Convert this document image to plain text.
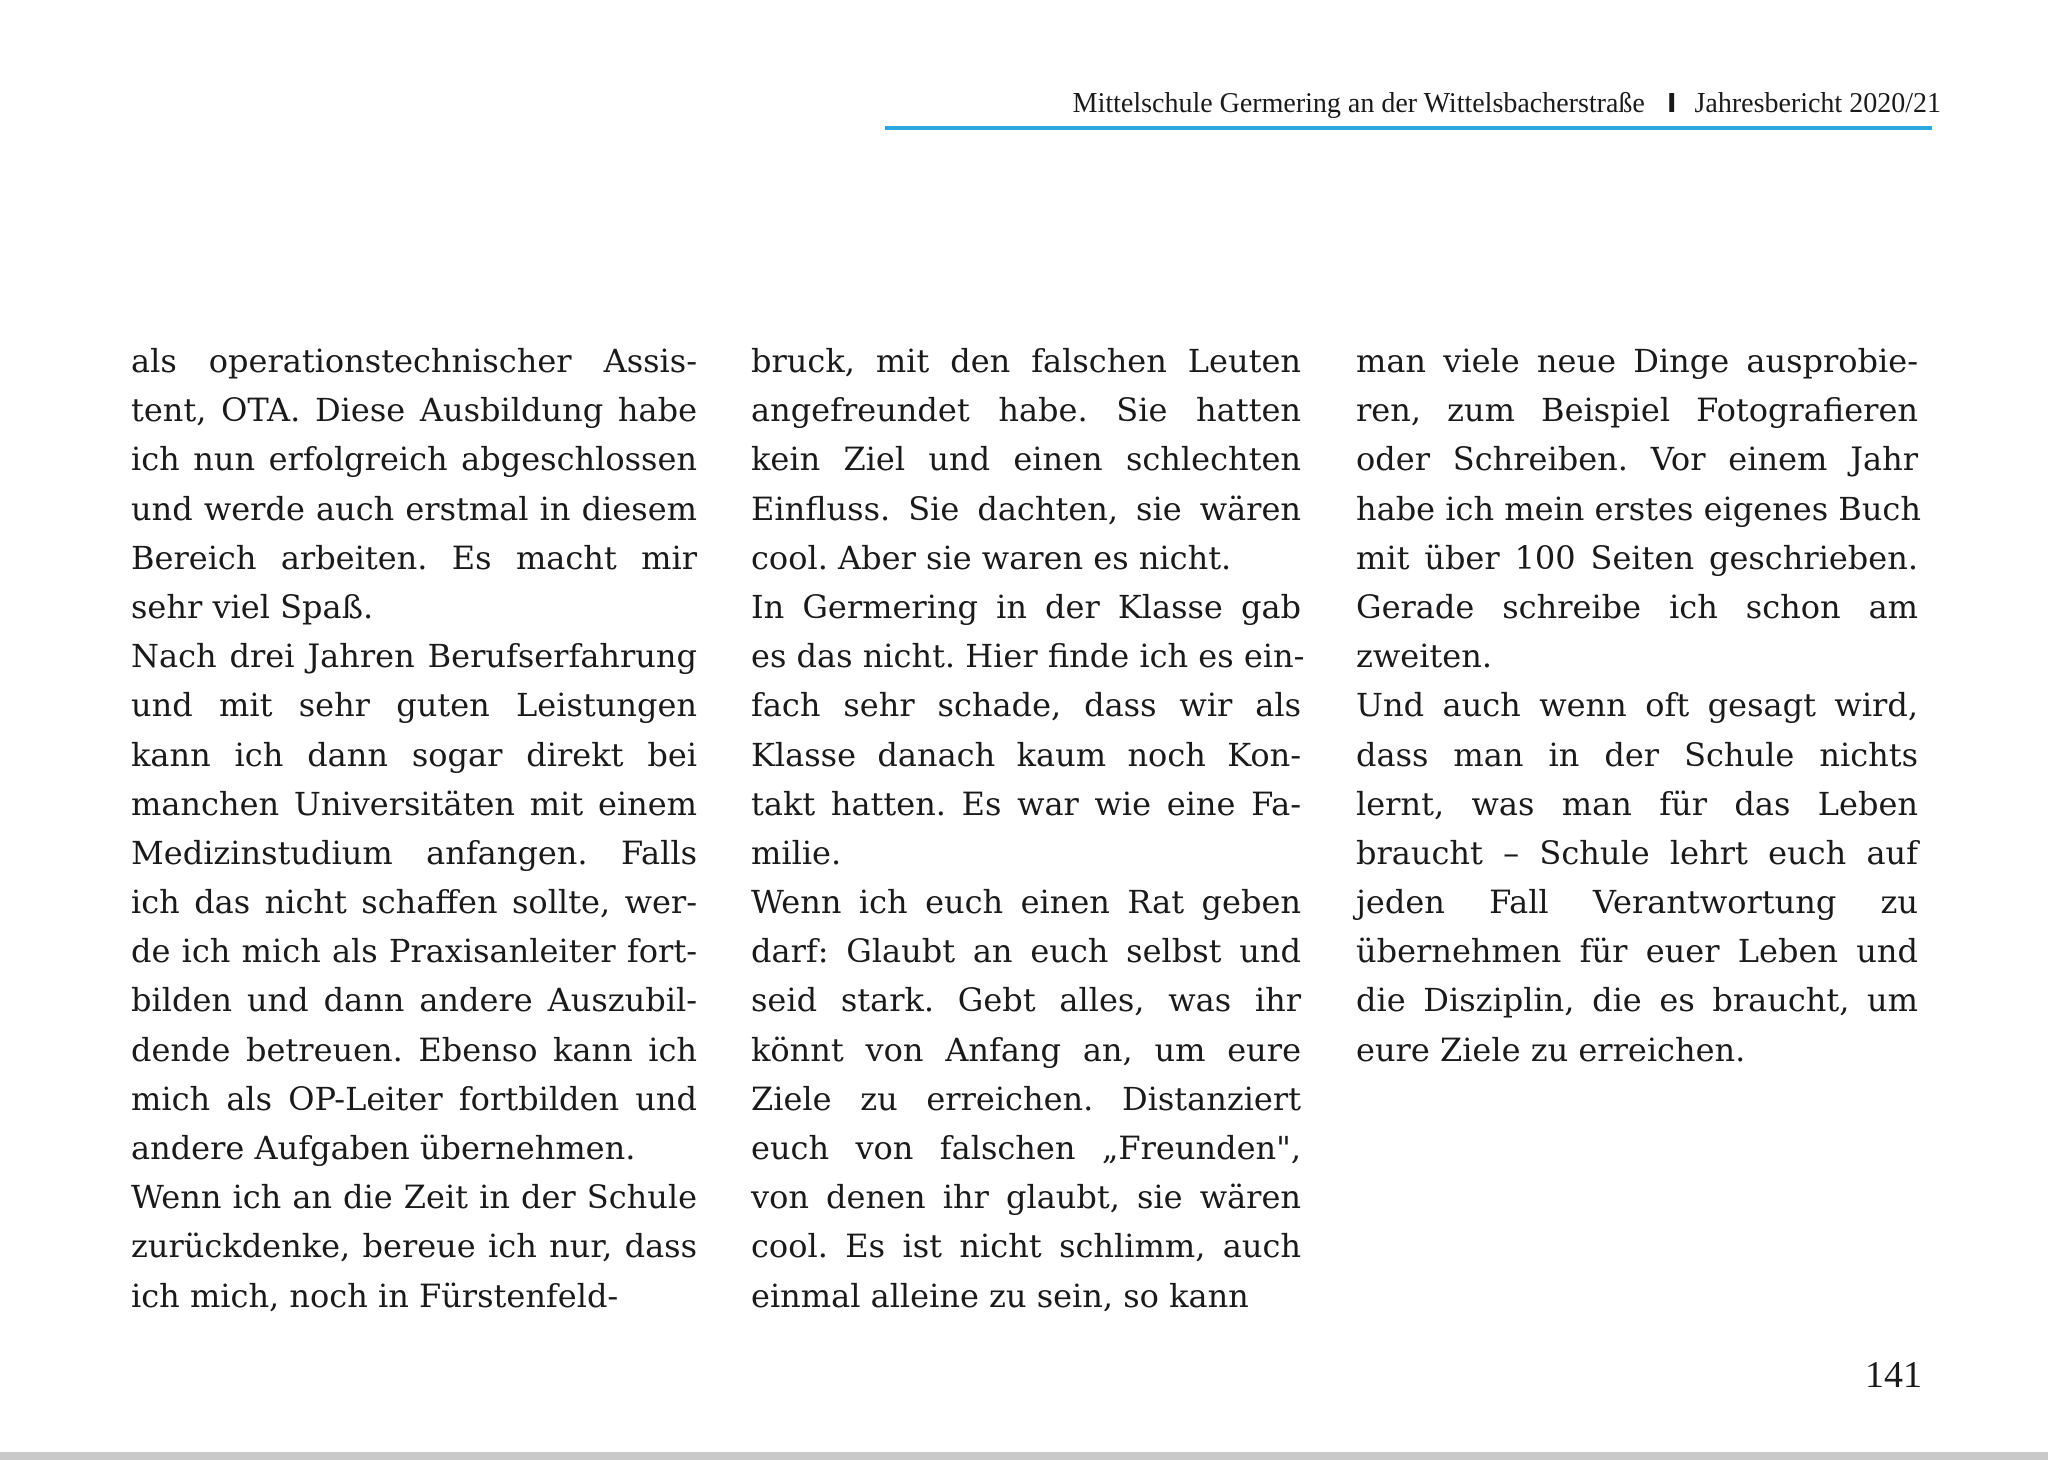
Mittelschule Germering an der Wittelsbacherstraße I Jahresbericht 2020/21
als operationstechnischer Assis-
tent, OTA. Diese Ausbildung habe
ich nun erfolgreich abgeschlossen
und werde auch erstmal in diesem
Bereich arbeiten. Es macht mir
sehr viel Spaß.
Nach drei Jahren Berufserfahrung
und mit sehr guten Leistungen
kann ich dann sogar direkt bei
manchen Universitäten mit einem
Medizinstudium anfangen. Falls
ich das nicht schaffen sollte, wer-
de ich mich als Praxisanleiter fort-
bilden und dann andere Auszubil-
dende betreuen. Ebenso kann ich
mich als OP-Leiter fortbilden und
andere Aufgaben übernehmen.
Wenn ich an die Zeit in der Schule
zurückdenke, bereue ich nur, dass
ich mich, noch in Fürstenfeld-
bruck, mit den falschen Leuten
angefreundet habe. Sie hatten
kein Ziel und einen schlechten
Einfluss. Sie dachten, sie wären
cool. Aber sie waren es nicht.
In Germering in der Klasse gab
es das nicht. Hier finde ich es ein-
fach sehr schade, dass wir als
Klasse danach kaum noch Kon-
takt hatten. Es war wie eine Fa-
milie.
Wenn ich euch einen Rat geben
darf: Glaubt an euch selbst und
seid stark. Gebt alles, was ihr
könnt von Anfang an, um eure
Ziele zu erreichen. Distanziert
euch von falschen „Freunden",
von denen ihr glaubt, sie wären
cool. Es ist nicht schlimm, auch
einmal alleine zu sein, so kann
man viele neue Dinge ausprobie-
ren, zum Beispiel Fotografieren
oder Schreiben. Vor einem Jahr
habe ich mein erstes eigenes Buch
mit über 100 Seiten geschrieben.
Gerade schreibe ich schon am
zweiten.
Und auch wenn oft gesagt wird,
dass man in der Schule nichts
lernt, was man für das Leben
braucht – Schule lehrt euch auf
jeden Fall Verantwortung zu
übernehmen für euer Leben und
die Disziplin, die es braucht, um
eure Ziele zu erreichen.
141
